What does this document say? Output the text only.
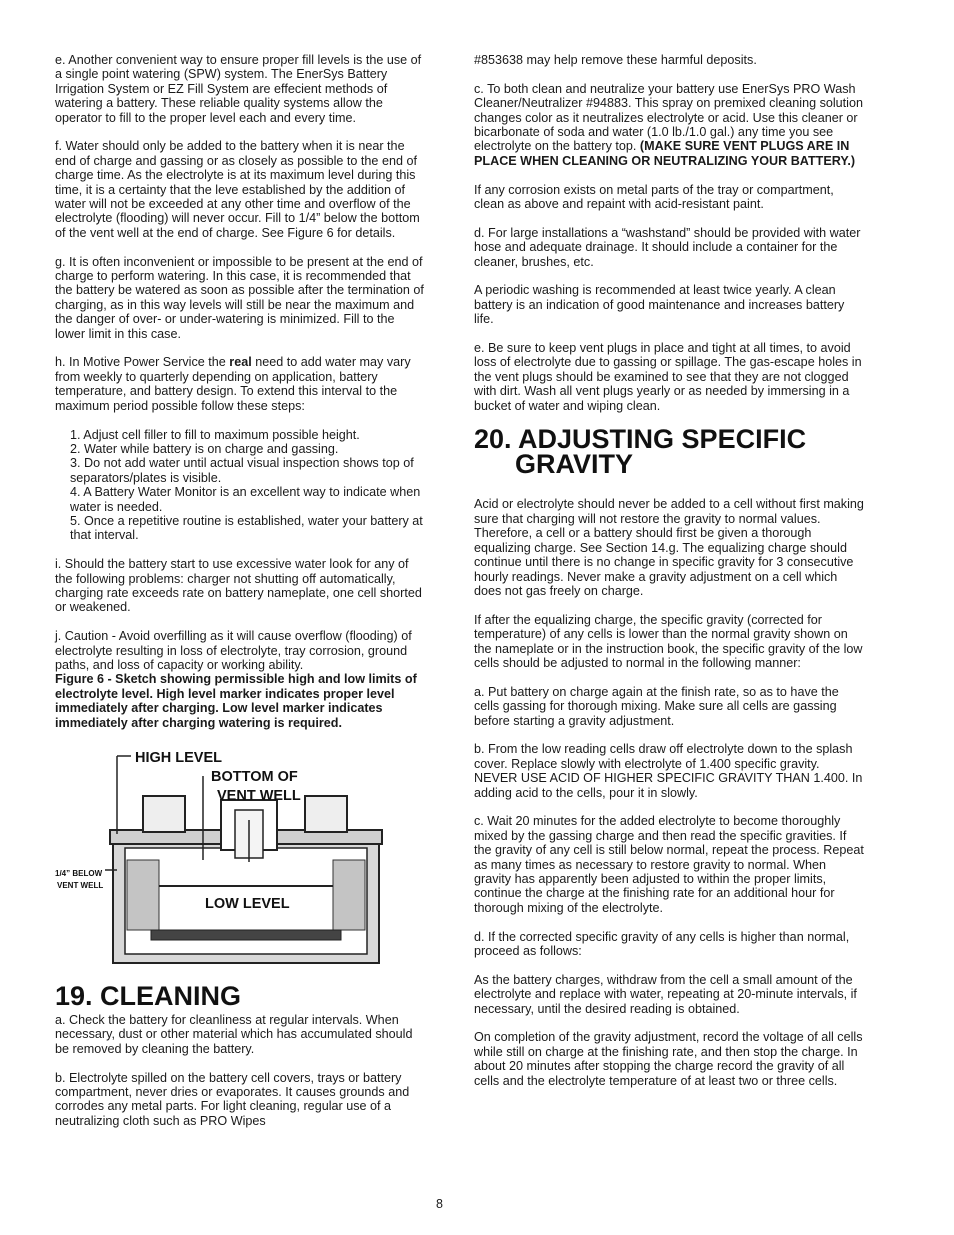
e. Another convenient way to ensure proper fill levels is the use of a single point watering (SPW) system. The EnerSys Battery Irrigation System or EZ Fill System are effecient methods of watering a battery. These reliable quality systems allow the operator to fill to the proper level each and every time.

f. Water should only be added to the battery when it is near the end of charge and gassing or as closely as possible to the end of charge time. As the electrolyte is at its maximum level during this time, it is a certainty that the leve established by the addition of water will not be exceeded at any other time and overflow of the electrolyte (flooding) will never occur. Fill to 1/4” below the bottom of the vent well at the end of charge. See Figure 6 for details.

g. It is often inconvenient or impossible to be present at the end of charge to perform watering. In this case, it is recommended that the battery be watered as soon as possible after the termination of charging, as in this way levels will still be near the maximum and the danger of over- or under-watering is minimized. Fill to the lower limit in this case.

h. In Motive Power Service the real need to add water may vary from weekly to quarterly depending on application, battery temperature, and battery design. To extend this interval to the maximum period possible follow these steps:

1. Adjust cell filler to fill to maximum possible height.
2. Water while battery is on charge and gassing.
3. Do not add water until actual visual inspection shows top of separators/plates is visible.
4. A Battery Water Monitor is an excellent way to indicate when water is needed.
5. Once a repetitive routine is established, water your battery at that interval.

i. Should the battery start to use excessive water look for any of the following problems: charger not shutting off automatically, charging rate exceeds rate on battery nameplate, one cell shorted or weakened.

j. Caution - Avoid overfilling as it will cause overflow (flooding) of electrolyte resulting in loss of electrolyte, tray corrosion, ground paths, and loss of capacity or working ability.

Figure 6 - Sketch showing permissible high and low limits of electrolyte level. High level marker indicates proper level immediately after charging. Low level marker indicates immediately after charging watering is required.

HIGH LEVEL
BOTTOM OF
VENT WELL
1/4” BELOW
VENT WELL
LOW LEVEL
19. CLEANING

a. Check the battery for cleanliness at regular intervals. When necessary, dust or other material which has accumulated should be removed by cleaning the battery.

b. Electrolyte spilled on the battery cell covers, trays or battery compartment, never dries or evaporates. It causes grounds and corrodes any metal parts. For light cleaning, regular use of a neutralizing cloth such as PRO Wipes

#853638 may help remove these harmful deposits.

c. To both clean and neutralize your battery use EnerSys PRO Wash Cleaner/Neutralizer #94883. This spray on premixed cleaning solution changes color as it neutralizes electrolyte or acid. Use this cleaner or bicarbonate of soda and water (1.0 lb./1.0 gal.) any time you see electrolyte on the battery top. (MAKE SURE VENT PLUGS ARE IN PLACE WHEN CLEANING OR NEUTRALIZING YOUR BATTERY.)

If any corrosion exists on metal parts of the tray or compartment, clean as above and repaint with acid-resistant paint.

d. For large installations a “washstand” should be provided with water hose and adequate drainage. It should include a container for the cleaner, brushes, etc.

A periodic washing is recommended at least twice yearly. A clean battery is an indication of good maintenance and increases battery life.

e. Be sure to keep vent plugs in place and tight at all times, to avoid loss of electrolyte due to gassing or spillage. The gas-escape holes in the vent plugs should be examined to see that they are not clogged with dirt. Wash all vent plugs yearly or as needed by immersing in a bucket of water and wiping clean.

20. ADJUSTING SPECIFIC
GRAVITY

Acid or electrolyte should never be added to a cell without first making sure that charging will not restore the gravity to normal values. Therefore, a cell or a battery should first be given a thorough equalizing charge. See Section 14.g. The equalizing charge should continue until there is no change in specific gravity for 3 consecutive hourly readings. Never make a gravity adjustment on a cell which does not gas freely on charge.

If after the equalizing charge, the specific gravity (corrected for temperature) of any cells is lower than the normal gravity shown on the nameplate or in the instruction book, the specific gravity of the low cells should be adjusted to normal in the following manner:

a. Put battery on charge again at the finish rate, so as to have the cells gassing for thorough mixing. Make sure all cells are gassing before starting a gravity adjustment.

b. From the low reading cells draw off electrolyte down to the splash cover. Replace slowly with electrolyte of 1.400 specific gravity. NEVER USE ACID OF HIGHER SPECIFIC GRAVITY THAN 1.400. In adding acid to the cells, pour it in slowly.

c. Wait 20 minutes for the added electrolyte to become thoroughly mixed by the gassing charge and then read the specific gravities. If the gravity of any cell is still below normal, repeat the process. Repeat as many times as necessary to restore gravity to normal. When gravity has apparently been adjusted to within the proper limits, continue the charge at the finishing rate for an additional hour for thorough mixing of the electrolyte.

d. If the corrected specific gravity of any cells is higher than normal, proceed as follows:

As the battery charges, withdraw from the cell a small amount of the electrolyte and replace with water, repeating at 20-minute intervals, if necessary, until the desired reading is obtained.

On completion of the gravity adjustment, record the voltage of all cells while still on charge at the finishing rate, and then stop the charge. In about 20 minutes after stopping the charge record the gravity of all cells and the electrolyte temperature of at least two or three cells.

8
